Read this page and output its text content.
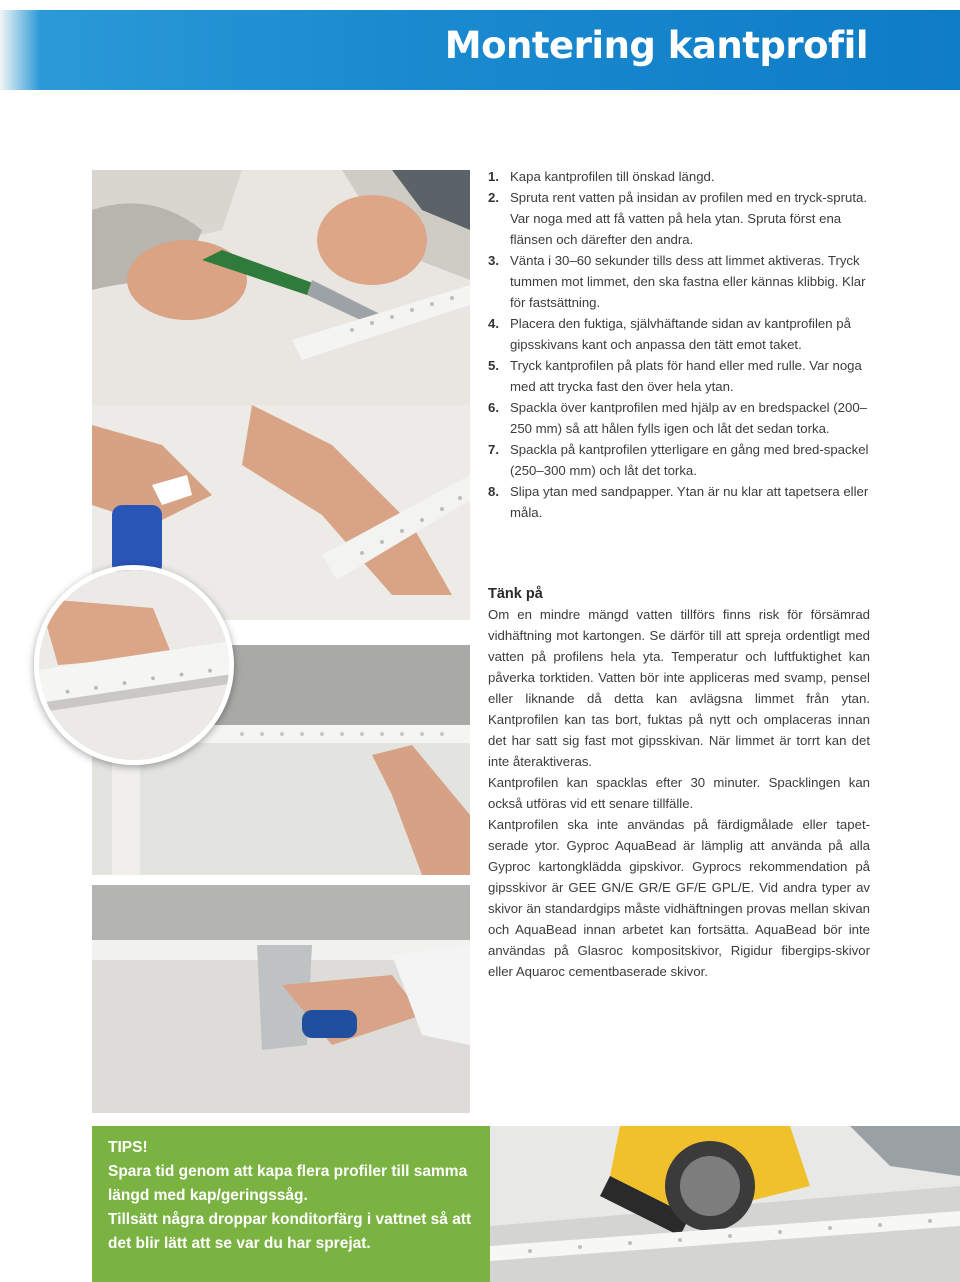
Montering kantprofil
1. Kapa kantprofilen till önskad längd.
2. Spruta rent vatten på insidan av profilen med en tryck-spruta. Var noga med att få vatten på hela ytan. Spruta först ena flänsen och därefter den andra.
3. Vänta i 30–60 sekunder tills dess att limmet aktiveras. Tryck tummen mot limmet, den ska fastna eller kännas klibbig. Klar för fastsättning.
4. Placera den fuktiga, självhäftande sidan av kantprofilen på gipsskivans kant och anpassa den tätt emot taket.
5. Tryck kantprofilen på plats för hand eller med rulle. Var noga med att trycka fast den över hela ytan.
6. Spackla över kantprofilen med hjälp av en bredspackel (200–250 mm) så att hålen fylls igen och låt det sedan torka.
7. Spackla på kantprofilen ytterligare en gång med bred-spackel (250–300 mm) och låt det torka.
8. Slipa ytan med sandpapper. Ytan är nu klar att tapetsera eller måla.
Tänk på

Om en mindre mängd vatten tillförs finns risk för försämrad vidhäftning mot kartongen. Se därför till att spreja ordentligt med vatten på profilens hela yta. Temperatur och luftfuktighet kan påverka torktiden. Vatten bör inte appliceras med svamp, pensel eller liknande då detta kan avlägsna limmet från ytan. Kantprofilen kan tas bort, fuktas på nytt och omplaceras innan det har satt sig fast mot gipsskivan. När limmet är torrt kan det inte återaktiveras.

Kantprofilen kan spacklas efter 30 minuter. Spacklingen kan också utföras vid ett senare tillfälle.

Kantprofilen ska inte användas på färdigmålade eller tapet-serade ytor. Gyproc AquaBead är lämplig att använda på alla Gyproc kartongklädda gipskivor. Gyprocs rekommendation på gipsskivor är GEE GN/E GR/E GF/E GPL/E. Vid andra typer av skivor än standardgips måste vidhäftningen provas mellan skivan och AquaBead innan arbetet kan fortsätta. AquaBead bör inte användas på Glasroc kompositskivor, Rigidur fibergips-skivor eller Aquaroc cementbaserade skivor.

TIPS!

Spara tid genom att kapa flera profiler till samma längd med kap/geringssåg.

Tillsätt några droppar konditorfärg i vattnet så att det blir lätt att se var du har sprejat.
